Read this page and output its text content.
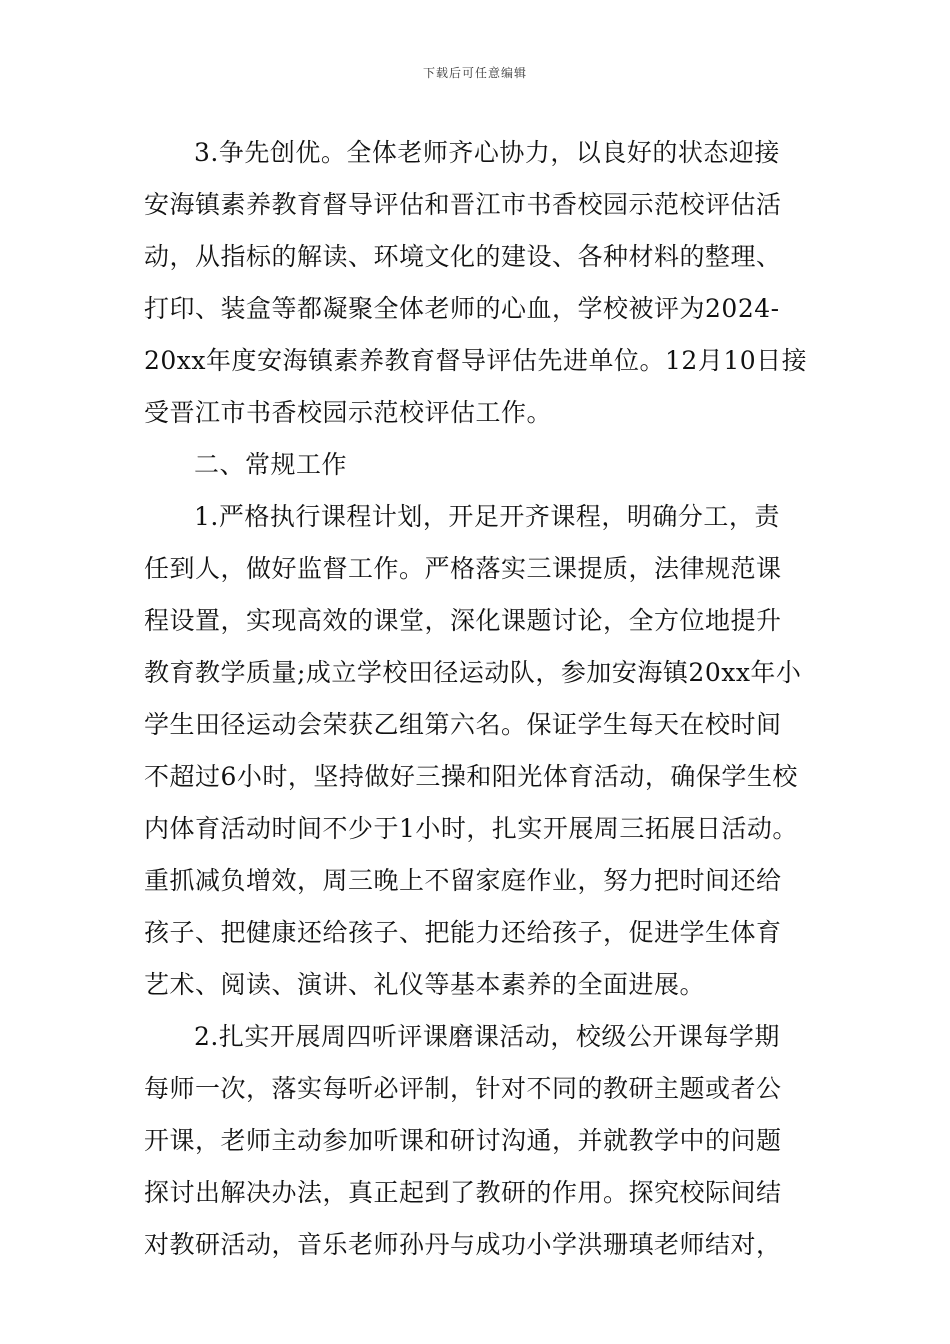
下载后可任意编辑
3.争先创优。全体老师齐心协力，以良好的状态迎接
安海镇素养教育督导评估和晋江市书香校园示范校评估活
动，从指标的解读、环境文化的建设、各种材料的整理、
打印、装盒等都凝聚全体老师的心血，学校被评为2024-
20xx年度安海镇素养教育督导评估先进单位。12月10日接
受晋江市书香校园示范校评估工作。
二、常规工作
1.严格执行课程计划，开足开齐课程，明确分工，责
任到人，做好监督工作。严格落实三课提质，法律规范课
程设置，实现高效的课堂，深化课题讨论，全方位地提升
教育教学质量;成立学校田径运动队，参加安海镇20xx年小
学生田径运动会荣获乙组第六名。保证学生每天在校时间
不超过6小时，坚持做好三操和阳光体育活动，确保学生校
内体育活动时间不少于1小时，扎实开展周三拓展日活动。
重抓减负增效，周三晚上不留家庭作业，努力把时间还给
孩子、把健康还给孩子、把能力还给孩子，促进学生体育
艺术、阅读、演讲、礼仪等基本素养的全面进展。
2.扎实开展周四听评课磨课活动，校级公开课每学期
每师一次，落实每听必评制，针对不同的教研主题或者公
开课，老师主动参加听课和研讨沟通，并就教学中的问题
探讨出解决办法，真正起到了教研的作用。探究校际间结
对教研活动，音乐老师孙丹与成功小学洪珊瑱老师结对，
